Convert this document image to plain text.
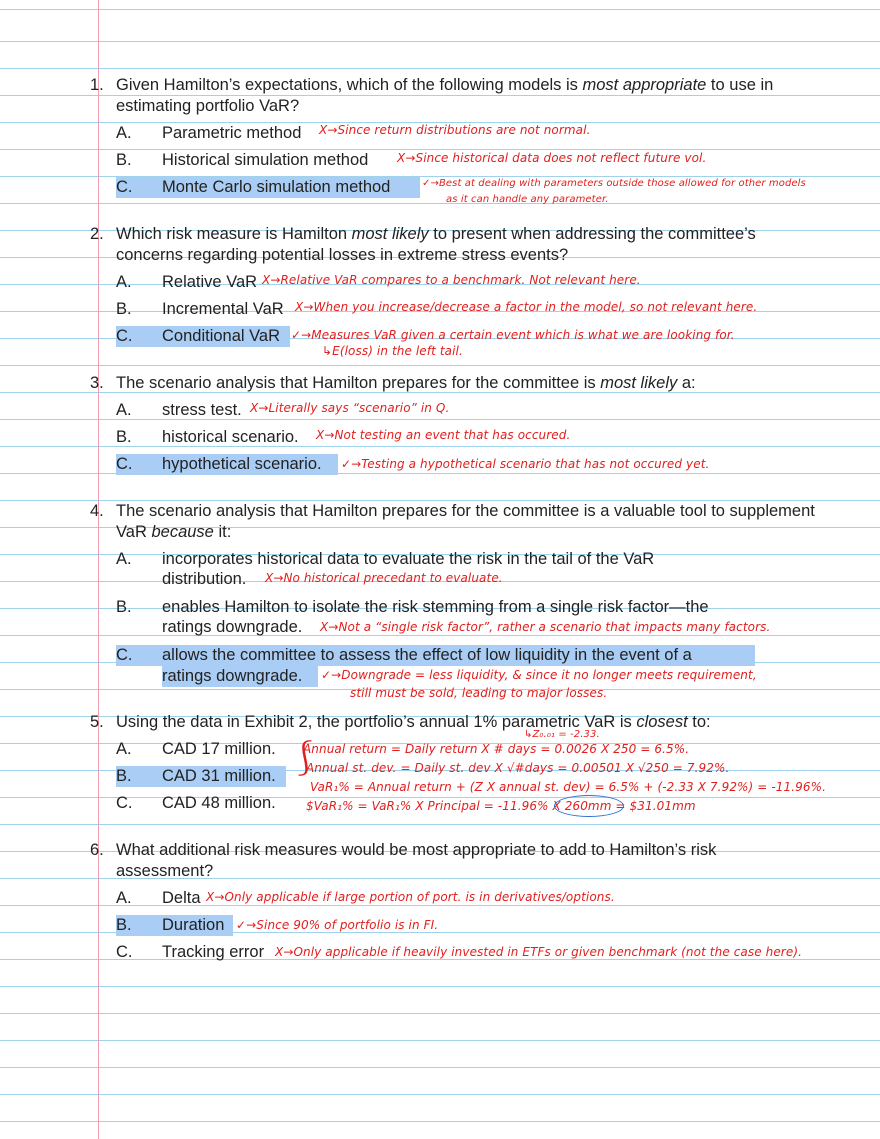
1. Given Hamilton’s expectations, which of the following models is most appropriate to use in estimating portfolio VaR?
A. Parametric method
B. Historical simulation method
C. Monte Carlo simulation method
X→Since return distributions are not normal.
X→Since historical data does not reflect future vol.
✓→Best at dealing with parameters outside those allowed for other models
as it can handle any parameter.
2. Which risk measure is Hamilton most likely to present when addressing the committee’s concerns regarding potential losses in extreme stress events?
A. Relative VaR
B. Incremental VaR
C. Conditional VaR
X→Relative VaR compares to a benchmark. Not relevant here.
X→When you increase/decrease a factor in the model, so not relevant here.
✓→Measures VaR given a certain event which is what we are looking for.
↳E(loss) in the left tail.
3. The scenario analysis that Hamilton prepares for the committee is most likely a:
A. stress test.
B. historical scenario.
C. hypothetical scenario.
X→Literally says “scenario” in Q.
X→Not testing an event that has occured.
✓→Testing a hypothetical scenario that has not occured yet.
4. The scenario analysis that Hamilton prepares for the committee is a valuable tool to supplement VaR because it:
A. incorporates historical data to evaluate the risk in the tail of the VaR
distribution.
B. enables Hamilton to isolate the risk stemming from a single risk factor—the
ratings downgrade.
C. allows the committee to assess the effect of low liquidity in the event of a
ratings downgrade.
X→No historical precedant to evaluate.
X→Not a “single risk factor”, rather a scenario that impacts many factors.
✓→Downgrade = less liquidity, & since it no longer meets requirement,
still must be sold, leading to major losses.
5. Using the data in Exhibit 2, the portfolio’s annual 1% parametric VaR is closest to:
↳Z₀.₀₁ = -2.33.
A. CAD 17 million.
B. CAD 31 million.
C. CAD 48 million.
⎰
Annual return = Daily return X # days = 0.0026 X 250 = 6.5%.
Annual st. dev. = Daily st. dev X √#days = 0.00501 X √250 = 7.92%.
VaR₁% = Annual return + (Z X annual st. dev) = 6.5% + (-2.33 X 7.92%) = -11.96%.
$VaR₁% = VaR₁% X Principal = -11.96% X 260mm = $31.01mm
6. What additional risk measures would be most appropriate to add to Hamilton’s risk assessment?
A. Delta
B. Duration
C. Tracking error
X→Only applicable if large portion of port. is in derivatives/options.
✓→Since 90% of portfolio is in FI.
X→Only applicable if heavily invested in ETFs or given benchmark (not the case here).
